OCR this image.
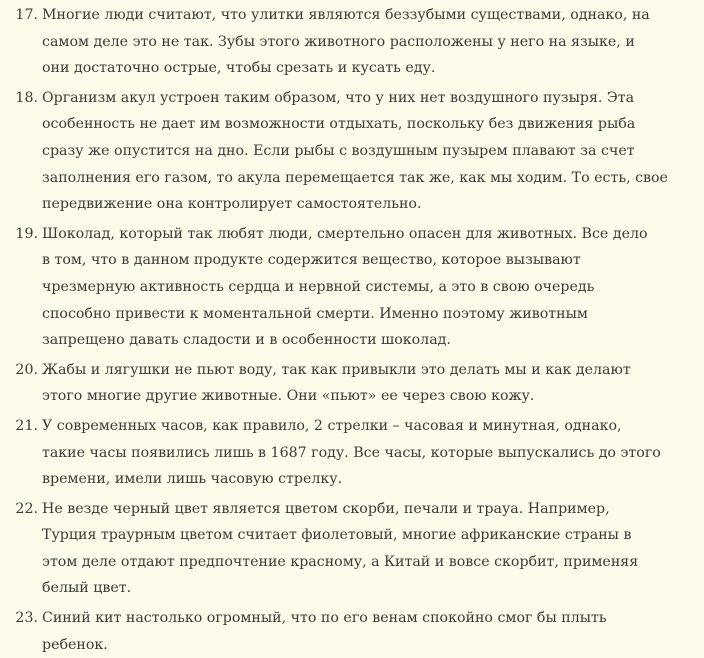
17. Многие люди считают, что улитки являются беззубыми существами, однако, на
самом деле это не так. Зубы этого животного расположены у него на языке, и
они достаточно острые, чтобы срезать и кусать еду.
18. Организм акул устроен таким образом, что у них нет воздушного пузыря. Эта
особенность не дает им возможности отдыхать, поскольку без движения рыба
сразу же опустится на дно. Если рыбы с воздушным пузырем плавают за счет
заполнения его газом, то акула перемещается так же, как мы ходим. То есть, свое
передвижение она контролирует самостоятельно.
19. Шоколад, который так любят люди, смертельно опасен для животных. Все дело
в том, что в данном продукте содержится вещество, которое вызывают
чрезмерную активность сердца и нервной системы, а это в свою очередь
способно привести к моментальной смерти. Именно поэтому животным
запрещено давать сладости и в особенности шоколад.
20. Жабы и лягушки не пьют воду, так как привыкли это делать мы и как делают
этого многие другие животные. Они «пьют» ее через свою кожу.
21. У современных часов, как правило, 2 стрелки – часовая и минутная, однако,
такие часы появились лишь в 1687 году. Все часы, которые выпускались до этого
времени, имели лишь часовую стрелку.
22. Не везде черный цвет является цветом скорби, печали и трауа. Например,
Турция траурным цветом считает фиолетовый, многие африканские страны в
этом деле отдают предпочтение красному, а Китай и вовсе скорбит, применяя
белый цвет.
23. Синий кит настолько огромный, что по его венам спокойно смог бы плыть
ребенок.
